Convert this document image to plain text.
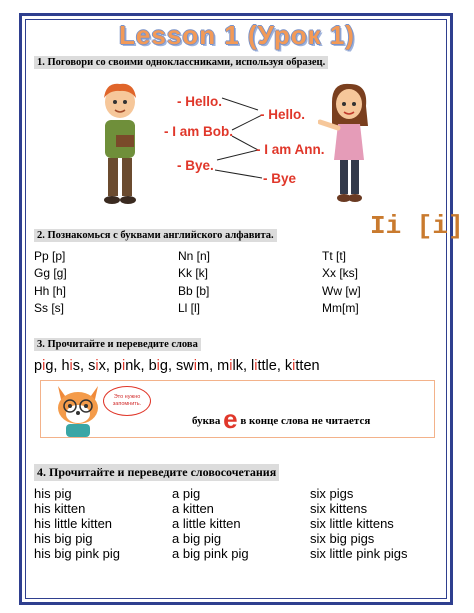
Lesson 1 (Урок 1)
1. Поговори со своими одноклассниками, используя образец.
- Hello.
- I am Bob.
- Bye.
- Hello.
- I am Ann.
- Bye
2. Познакомься с буквами английского алфавита.	Ii [i]
Pp [p]	Nn [n]	Tt [t]
Gg [g]	Kk [k]	Xx [ks]
Hh [h]	Bb [b]	Ww [w]
Ss [s]	Ll [l]	Mm[m]
3. Прочитайте и переведите слова
pig, his, six, pink, big, swim, milk, little, kitten
Это нужно запомнить.
буква е в конце слова не читается
4. Прочитайте и переведите словосочетания
his pig	a pig	six pigs
his kitten	a kitten	six kittens
his little kitten	a little kitten	six little kittens
his big pig	a big pig	six big pigs
his big pink pig	a big pink pig	six little pink pigs
